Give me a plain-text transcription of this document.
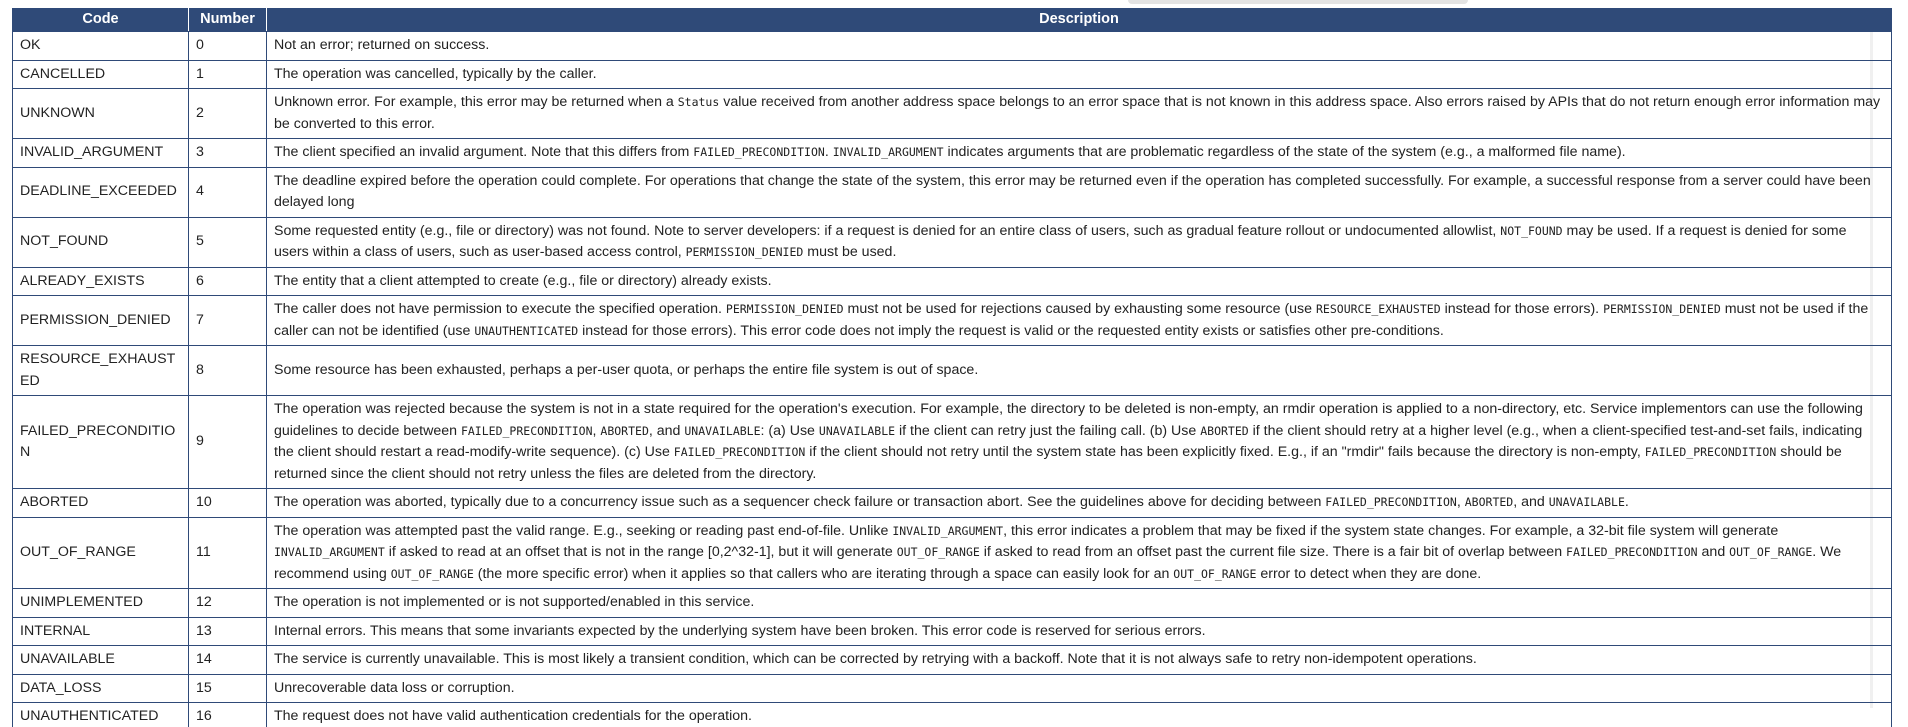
Code	Number	Description
OK	0	Not an error; returned on success.
CANCELLED	1	The operation was cancelled, typically by the caller.
UNKNOWN	2	Unknown error. For example, this error may be returned when a Status value received from another address space belongs to an error space that is not known in this address space. Also errors raised by APIs that do not return enough error information may be converted to this error.
INVALID_ARGUMENT	3	The client specified an invalid argument. Note that this differs from FAILED_PRECONDITION. INVALID_ARGUMENT indicates arguments that are problematic regardless of the state of the system (e.g., a malformed file name).
DEADLINE_EXCEEDED	4	The deadline expired before the operation could complete. For operations that change the state of the system, this error may be returned even if the operation has completed successfully. For example, a successful response from a server could have been delayed long
NOT_FOUND	5	Some requested entity (e.g., file or directory) was not found. Note to server developers: if a request is denied for an entire class of users, such as gradual feature rollout or undocumented allowlist, NOT_FOUND may be used. If a request is denied for some users within a class of users, such as user-based access control, PERMISSION_DENIED must be used.
ALREADY_EXISTS	6	The entity that a client attempted to create (e.g., file or directory) already exists.
PERMISSION_DENIED	7	The caller does not have permission to execute the specified operation. PERMISSION_DENIED must not be used for rejections caused by exhausting some resource (use RESOURCE_EXHAUSTED instead for those errors). PERMISSION_DENIED must not be used if the caller can not be identified (use UNAUTHENTICATED instead for those errors). This error code does not imply the request is valid or the requested entity exists or satisfies other pre-conditions.
RESOURCE_EXHAUSTED	8	Some resource has been exhausted, perhaps a per-user quota, or perhaps the entire file system is out of space.
FAILED_PRECONDITION	9	The operation was rejected because the system is not in a state required for the operation's execution. For example, the directory to be deleted is non-empty, an rmdir operation is applied to a non-directory, etc. Service implementors can use the following guidelines to decide between FAILED_PRECONDITION, ABORTED, and UNAVAILABLE: (a) Use UNAVAILABLE if the client can retry just the failing call. (b) Use ABORTED if the client should retry at a higher level (e.g., when a client-specified test-and-set fails, indicating the client should restart a read-modify-write sequence). (c) Use FAILED_PRECONDITION if the client should not retry until the system state has been explicitly fixed. E.g., if an "rmdir" fails because the directory is non-empty, FAILED_PRECONDITION should be returned since the client should not retry unless the files are deleted from the directory.
ABORTED	10	The operation was aborted, typically due to a concurrency issue such as a sequencer check failure or transaction abort. See the guidelines above for deciding between FAILED_PRECONDITION, ABORTED, and UNAVAILABLE.
OUT_OF_RANGE	11	The operation was attempted past the valid range. E.g., seeking or reading past end-of-file. Unlike INVALID_ARGUMENT, this error indicates a problem that may be fixed if the system state changes. For example, a 32-bit file system will generate INVALID_ARGUMENT if asked to read at an offset that is not in the range [0,2^32-1], but it will generate OUT_OF_RANGE if asked to read from an offset past the current file size. There is a fair bit of overlap between FAILED_PRECONDITION and OUT_OF_RANGE. We recommend using OUT_OF_RANGE (the more specific error) when it applies so that callers who are iterating through a space can easily look for an OUT_OF_RANGE error to detect when they are done.
UNIMPLEMENTED	12	The operation is not implemented or is not supported/enabled in this service.
INTERNAL	13	Internal errors. This means that some invariants expected by the underlying system have been broken. This error code is reserved for serious errors.
UNAVAILABLE	14	The service is currently unavailable. This is most likely a transient condition, which can be corrected by retrying with a backoff. Note that it is not always safe to retry non-idempotent operations.
DATA_LOSS	15	Unrecoverable data loss or corruption.
UNAUTHENTICATED	16	The request does not have valid authentication credentials for the operation.
